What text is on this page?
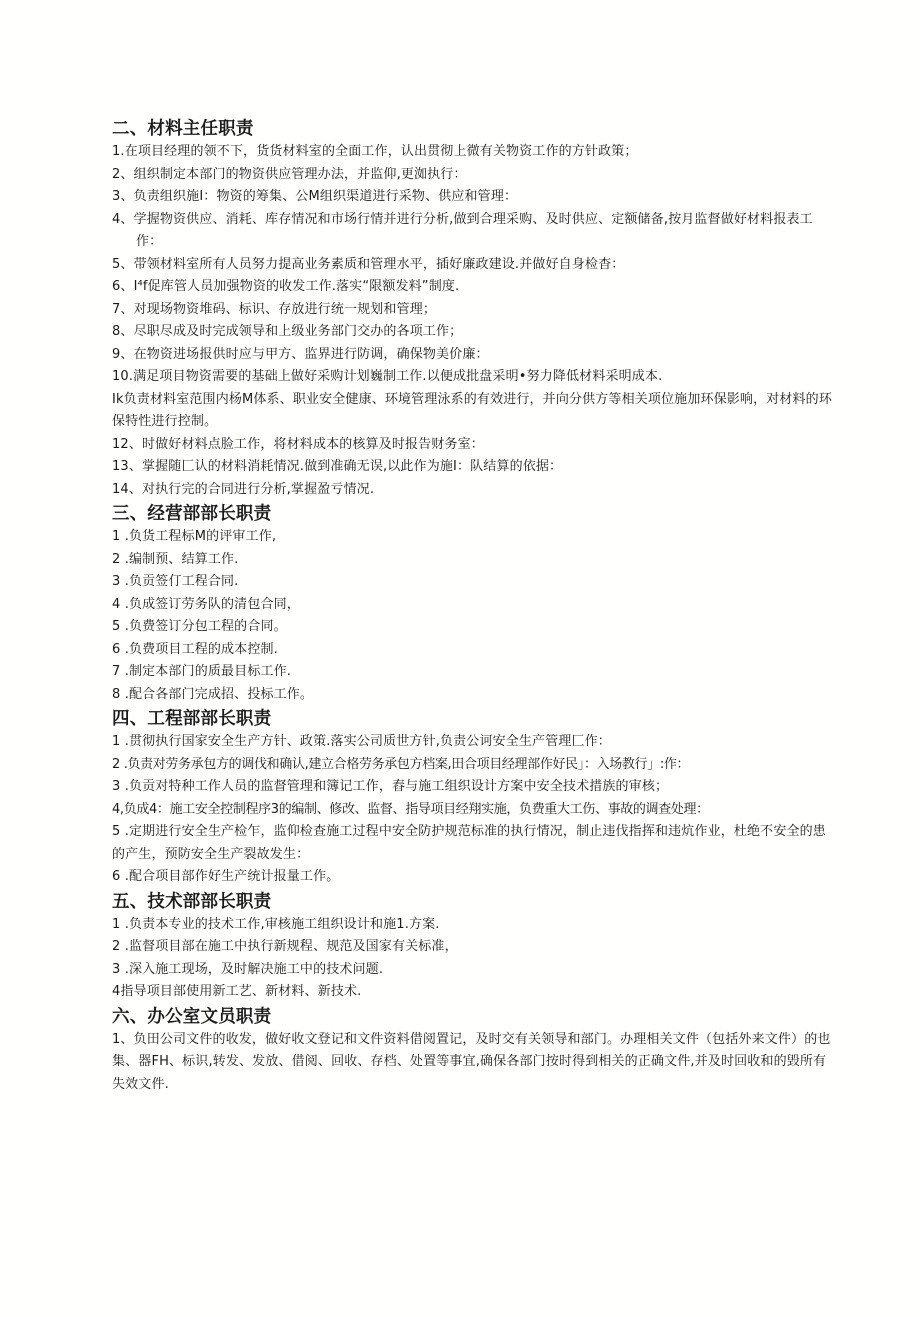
二、材料主任职责
1.在项目经理的领不下，货货材料室的全面工作，认出贯彻上微有关物资工作的方针政策；
2、组织制定本部门的物资供应管理办法，并监仰,更洳执行：
3、负责组织施I：物资的筹集、公M组织渠道进行采物、供应和管理：
4、学握物资供应、消耗、库存情况和市场行情并进行分析,做到合理采购、及时供应、定额储备,按月监督做好材料报表工作：
5、带领材料室所有人员努力提高业务素质和管理水平，插好廉政建设.并做好自身检杳：
6、I⁴f促库管人员加强物资的收发工作.落实“限额发料”制度.
7、对现场物资堆码、标识、存放进行统一规划和管理；
8、尽职尽成及时完成领导和上级业务部门交办的各项工作；
9、在物资进场报供时应与甲方、监界进行防调，确保物美价廉：
10.满足项目物资需要的基础上做好采购计划巍制工作.以便成批盘采明•努力降低材料采明成本.
Ik负责材料室范围内杨M体系、职业安全健康、环境管理泳系的有效进行，并向分供方等相关项位施加环保影响，对材料的环保特性进行控制。
12、时做好材料点脸工作，将材料成本的核算及时报告财务室：
13、掌握随匚认的材料消耗情况.做到准确无误,以此作为施I：队结算的依据：
14、对执行完的合同进行分析,掌握盈亏情况.
三、经营部部长职责
1 .负货工程标M的评审工作,
2 .编制预、结算工作.
3 .负贡签仃工程合同.
4 .负成签订劳务队的清包合同，
5 .负费签订分包工程的合同。
6 .负费项目工程的成本控制.
7 .制定本部门的质最目标工作.
8 .配合各部门完成招、投标工作。
四、工程部部长职责
1 .贯彻执行国家安全生产方针、政策.落实公司质世方针,负责公诃安全生产管理匚作：
2 .负责对劳务承包方的调伐和确认,建立合格劳务承包方档案,田合项目经理部作好民」：入场教行」:作：
3 .负贡对特种工作人员的监督管理和簿记工作，舂与施工组织设计方案中安全技术措族的审核；
4,负成4：施工安全控制程序3的编制、修改、监督、指导项目经翔实施，负费重大工伤、事故的调查处理：
5 .定期进行安全生产检乍，监仰检查施工过程中安全防护规范标准的执行情况，制止违伐指挥和违炕作业，杜绝不安全的患的产生，预防安全生产裂故发生：
6 .配合项目部作好生产统计报量工作。
五、技术部部长职责
1 .负责本专业的技术工作,审核施工组织设计和施1.方案.
2 .监督项目部在施工中执行新规程、规范及国家有关标准，
3 .深入施工现场，及时解决施工中的技术问题.
4指导项目部使用新工艺、新材料、新技术.
六、办公室文员职责
1、负田公司文件的收发，做好收文登记和文件资料借阅置记，及时交有关领导和部门。办理相关文件（包括外来文件）的也集、器FH、标识,转发、发放、借阅、回收、存档、处置等事宜,确保各部门按时得到相关的正确文件,并及时回收和的毁所有失效文件.
